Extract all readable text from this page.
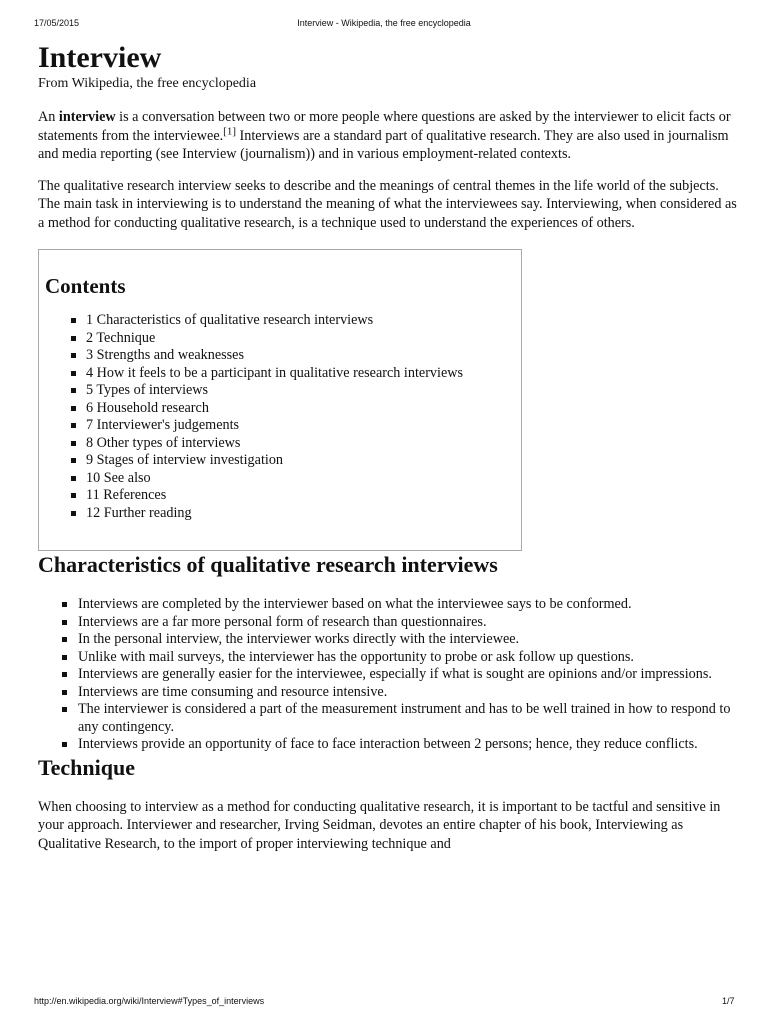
17/05/2015	Interview - Wikipedia, the free encyclopedia
Interview

From Wikipedia, the free encyclopedia

An interview is a conversation between two or more people where questions are asked by the interviewer to elicit facts or statements from the interviewee.[1] Interviews are a standard part of qualitative research. They are also used in journalism and media reporting (see Interview (journalism)) and in various employment-related contexts.

The qualitative research interview seeks to describe and the meanings of central themes in the life world of the subjects. The main task in interviewing is to understand the meaning of what the interviewees say. Interviewing, when considered as a method for conducting qualitative research, is a technique used to understand the experiences of others.

Contents
1 Characteristics of qualitative research interviews
2 Technique
3 Strengths and weaknesses
4 How it feels to be a participant in qualitative research interviews
5 Types of interviews
6 Household research
7 Interviewer's judgements
8 Other types of interviews
9 Stages of interview investigation
10 See also
11 References
12 Further reading
Characteristics of qualitative research interviews
Interviews are completed by the interviewer based on what the interviewee says to be conformed.
Interviews are a far more personal form of research than questionnaires.
In the personal interview, the interviewer works directly with the interviewee.
Unlike with mail surveys, the interviewer has the opportunity to probe or ask follow up questions.
Interviews are generally easier for the interviewee, especially if what is sought are opinions and/or impressions.
Interviews are time consuming and resource intensive.
The interviewer is considered a part of the measurement instrument and has to be well trained in how to respond to any contingency.
Interviews provide an opportunity of face to face interaction between 2 persons; hence, they reduce conflicts.
Technique

When choosing to interview as a method for conducting qualitative research, it is important to be tactful and sensitive in your approach. Interviewer and researcher, Irving Seidman, devotes an entire chapter of his book, Interviewing as Qualitative Research, to the import of proper interviewing technique and

http://en.wikipedia.org/wiki/Interview#Types_of_interviews	1/7
